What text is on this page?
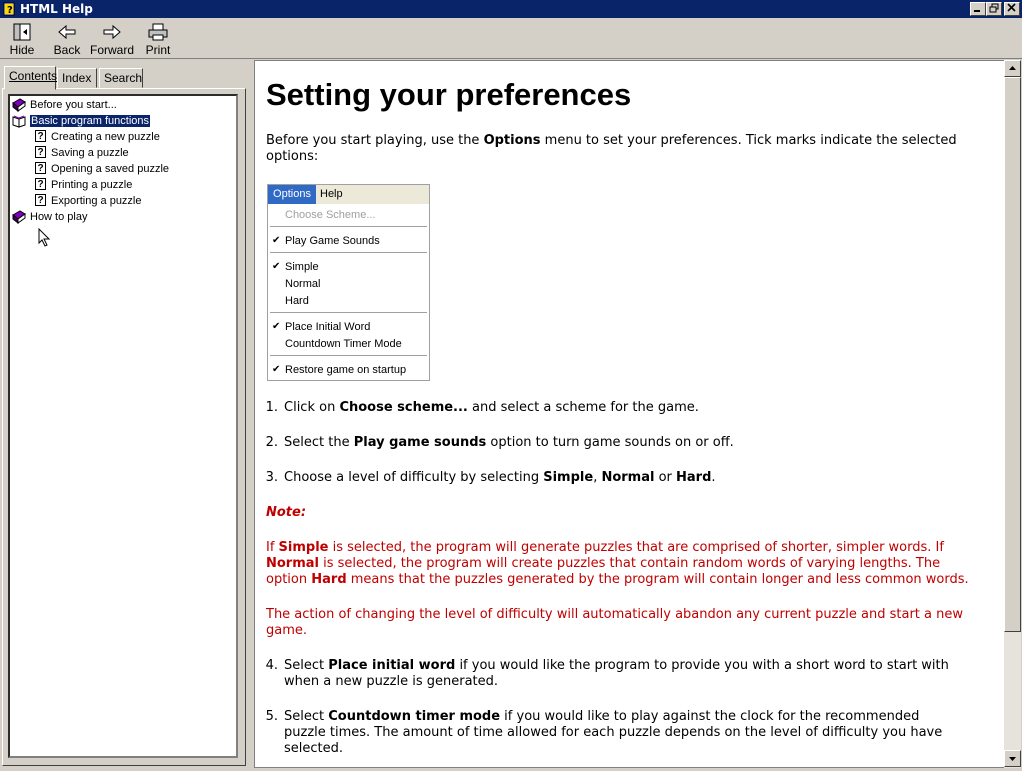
? HTML Help
Hide	Back Forward Print
Contents Index	Search
Before you start...
Basic program functions
? Creating a new puzzle
? Saving a puzzle
? Opening a saved puzzle
? Printing a puzzle
? Exporting a puzzle
How to play
Setting your preferences
Before you start playing, use the Options menu to set your preferences. Tick marks indicate the selected
options:
Options Help
Choose Scheme...
✔ Play Game Sounds
✔ Simple
Normal
Hard
✔ Place Initial Word
Countdown Timer Mode
✔ Restore game on startup
1. Click on Choose scheme... and select a scheme for the game.
2. Select the Play game sounds option to turn game sounds on or off.
3. Choose a level of difficulty by selecting Simple, Normal or Hard.
Note:
If Simple is selected, the program will generate puzzles that are comprised of shorter, simpler words. If
Normal is selected, the program will create puzzles that contain random words of varying lengths. The
option Hard means that the puzzles generated by the program will contain longer and less common words.
The action of changing the level of difficulty will automatically abandon any current puzzle and start a new
game.
4. Select Place initial word if you would like the program to provide you with a short word to start with
when a new puzzle is generated.
5. Select Countdown timer mode if you would like to play against the clock for the recommended
puzzle times. The amount of time allowed for each puzzle depends on the level of difficulty you have
selected.
